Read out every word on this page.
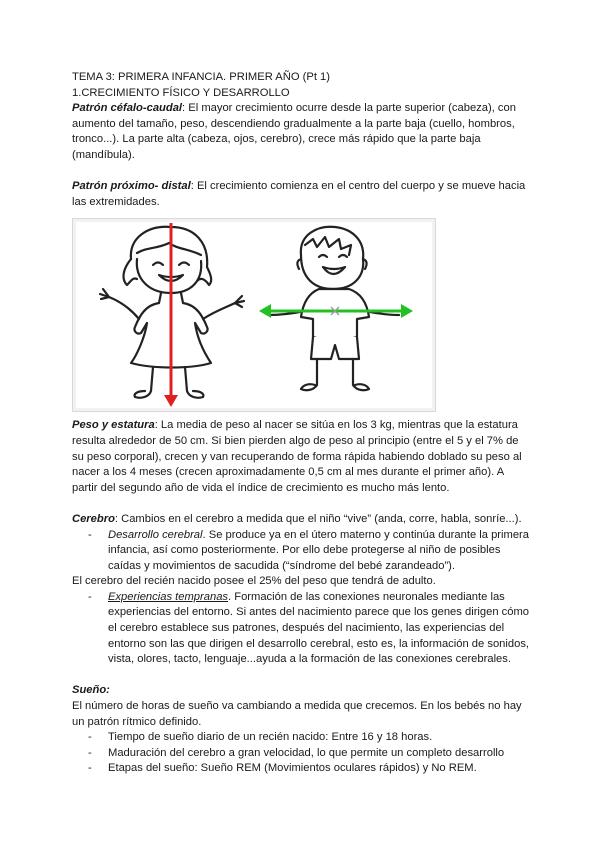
TEMA 3: PRIMERA INFANCIA. PRIMER AÑO (Pt 1)

1.CRECIMIENTO FÍSICO Y DESARROLLO

Patrón céfalo-caudal: El mayor crecimiento ocurre desde la parte superior (cabeza), con aumento del tamaño, peso, descendiendo gradualmente a la parte baja (cuello, hombros, tronco...). La parte alta (cabeza, ojos, cerebro), crece más rápido que la parte baja (mandíbula).

Patrón próximo- distal: El crecimiento comienza en el centro del cuerpo y se mueve hacia las extremidades.

Peso y estatura: La media de peso al nacer se sitúa en los 3 kg, mientras que la estatura resulta alrededor de 50 cm. Si bien pierden algo de peso al principio (entre el 5 y el 7% de su peso corporal), crecen y van recuperando de forma rápida habiendo doblado su peso al nacer a los 4 meses (crecen aproximadamente 0,5 cm al mes durante el primer año). A partir del segundo año de vida el índice de crecimiento es mucho más lento.

Cerebro: Cambios en el cerebro a medida que el niño “vive” (anda, corre, habla, sonríe...).

- Desarrollo cerebral. Se produce ya en el útero materno y continúa durante la primera infancia, así como posteriormente. Por ello debe protegerse al niño de posibles caídas y movimientos de sacudida (“síndrome del bebé zarandeado”).

El cerebro del recién nacido posee el 25% del peso que tendrá de adulto.

- Experiencias tempranas. Formación de las conexiones neuronales mediante las experiencias del entorno. Si antes del nacimiento parece que los genes dirigen cómo el cerebro establece sus patrones, después del nacimiento, las experiencias del entorno son las que dirigen el desarrollo cerebral, esto es, la información de sonidos, vista, olores, tacto, lenguaje...ayuda a la formación de las conexiones cerebrales.

Sueño:

El número de horas de sueño va cambiando a medida que crecemos. En los bebés no hay un patrón rítmico definido.

- Tiempo de sueño diario de un recién nacido: Entre 16 y 18 horas.
- Maduración del cerebro a gran velocidad, lo que permite un completo desarrollo
- Etapas del sueño: Sueño REM (Movimientos oculares rápidos) y No REM.
